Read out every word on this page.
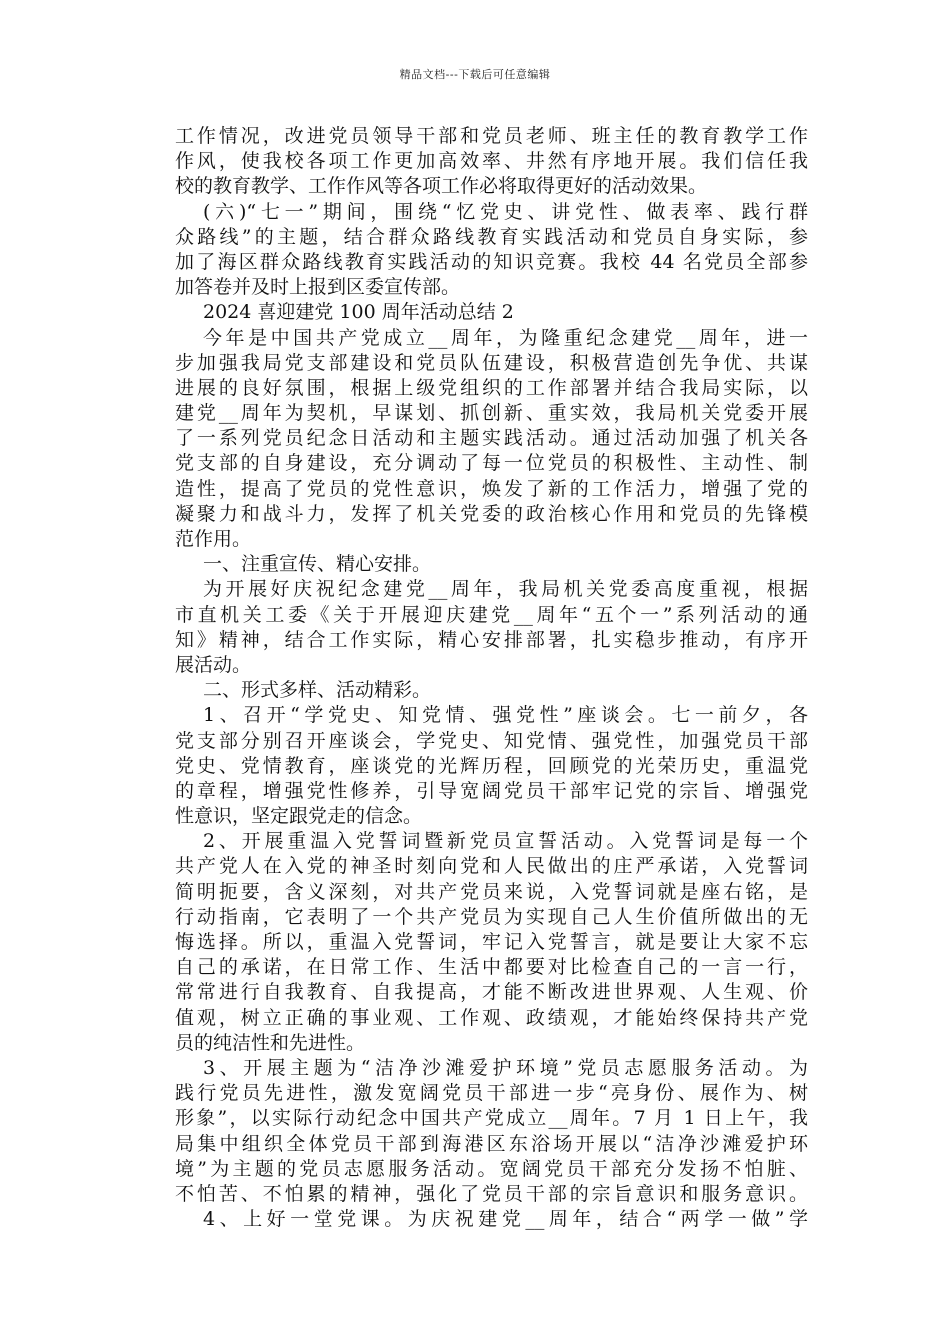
精品文档---下载后可任意编辑
工作情况，改进党员领导干部和党员老师、班主任的教育教学工作
作风，使我校各项工作更加高效率、井然有序地开展。我们信任我
校的教育教学、工作作风等各项工作必将取得更好的活动效果。
(六)“七一”期间，围绕“忆党史、讲党性、做表率、践行群
众路线”的主题，结合群众路线教育实践活动和党员自身实际，参
加了海区群众路线教育实践活动的知识竞赛。我校 44 名党员全部参
加答卷并及时上报到区委宣传部。
2024 喜迎建党 100 周年活动总结 2
今年是中国共产党成立__周年，为隆重纪念建党__周年，进一
步加强我局党支部建设和党员队伍建设，积极营造创先争优、共谋
进展的良好氛围，根据上级党组织的工作部署并结合我局实际，以
建党__周年为契机，早谋划、抓创新、重实效，我局机关党委开展
了一系列党员纪念日活动和主题实践活动。通过活动加强了机关各
党支部的自身建设，充分调动了每一位党员的积极性、主动性、制
造性，提高了党员的党性意识，焕发了新的工作活力，增强了党的
凝聚力和战斗力，发挥了机关党委的政治核心作用和党员的先锋模
范作用。
一、注重宣传、精心安排。
为开展好庆祝纪念建党__周年，我局机关党委高度重视，根据
市直机关工委《关于开展迎庆建党__周年“五个一”系列活动的通
知》精神，结合工作实际，精心安排部署，扎实稳步推动，有序开
展活动。
二、形式多样、活动精彩。
1、召开“学党史、知党情、强党性”座谈会。七一前夕，各
党支部分别召开座谈会，学党史、知党情、强党性，加强党员干部
党史、党情教育，座谈党的光辉历程，回顾党的光荣历史，重温党
的章程，增强党性修养，引导宽阔党员干部牢记党的宗旨、增强党
性意识，坚定跟党走的信念。
2、开展重温入党誓词暨新党员宣誓活动。入党誓词是每一个
共产党人在入党的神圣时刻向党和人民做出的庄严承诺，入党誓词
简明扼要，含义深刻，对共产党员来说，入党誓词就是座右铭，是
行动指南，它表明了一个共产党员为实现自己人生价值所做出的无
悔选择。所以，重温入党誓词，牢记入党誓言，就是要让大家不忘
自己的承诺，在日常工作、生活中都要对比检查自己的一言一行，
常常进行自我教育、自我提高，才能不断改进世界观、人生观、价
值观，树立正确的事业观、工作观、政绩观，才能始终保持共产党
员的纯洁性和先进性。
3、开展主题为“洁净沙滩爱护环境”党员志愿服务活动。为
践行党员先进性，激发宽阔党员干部进一步“亮身份、展作为、树
形象”，以实际行动纪念中国共产党成立__周年。7 月 1 日上午，我
局集中组织全体党员干部到海港区东浴场开展以“洁净沙滩爱护环
境”为主题的党员志愿服务活动。宽阔党员干部充分发扬不怕脏、
不怕苦、不怕累的精神，强化了党员干部的宗旨意识和服务意识。
4、上好一堂党课。为庆祝建党__周年，结合“两学一做”学
